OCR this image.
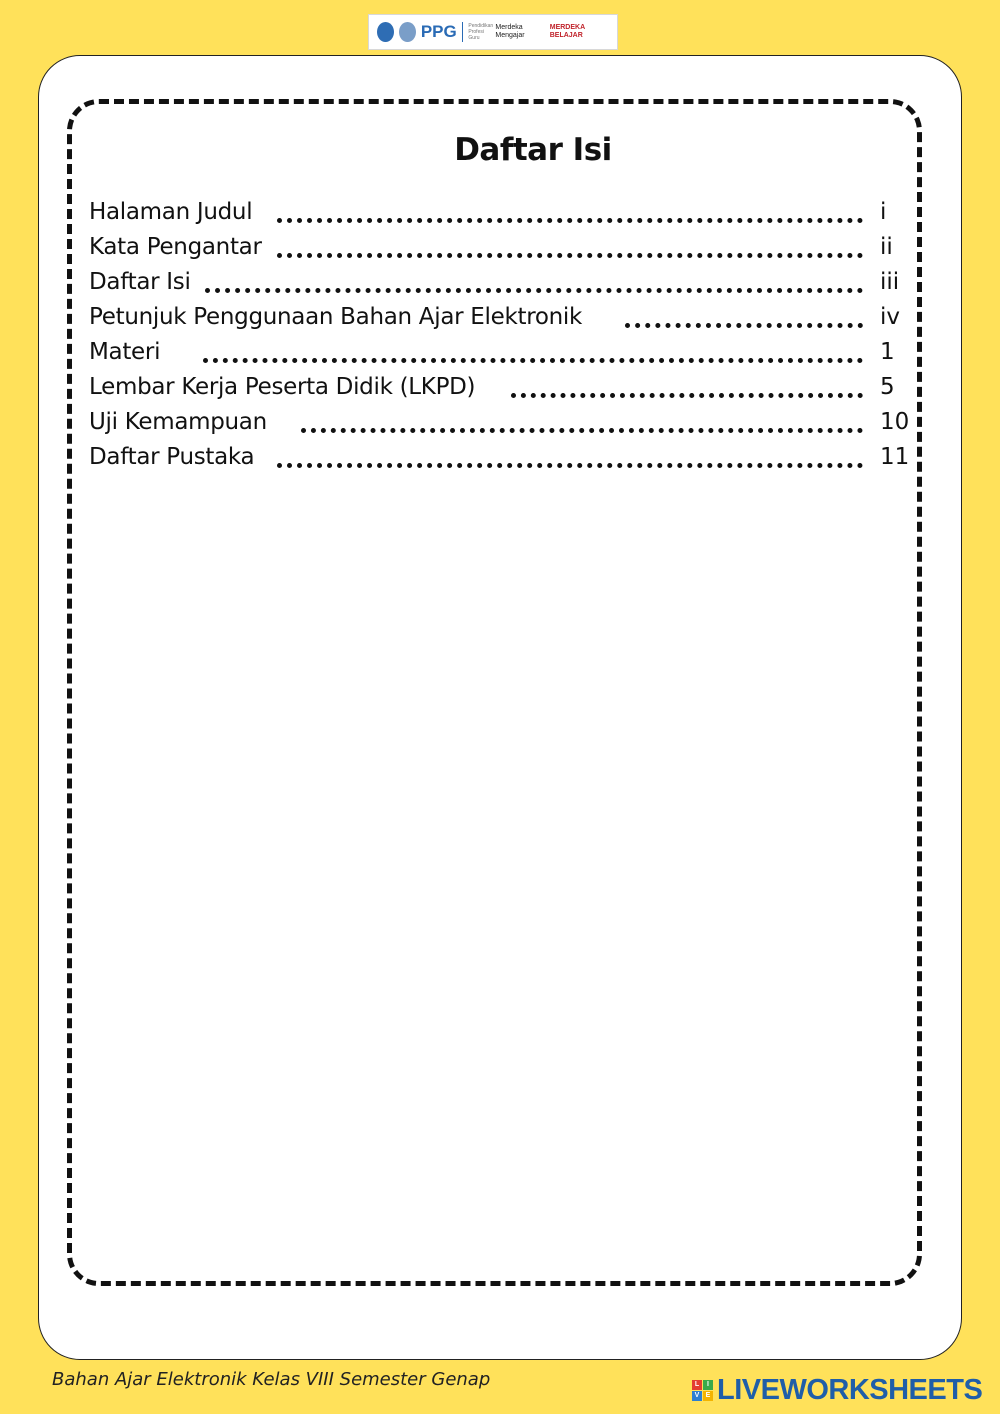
PPG Pendidikan Profesi Guru
Merdeka Mengajar
MERDEKA BELAJAR
Daftar Isi
Halaman Judul	i
Kata Pengantar	ii
Daftar Isi	iii
Petunjuk Penggunaan Bahan Ajar Elektronik	iv
Materi	1
Lembar Kerja Peserta Didik (LKPD)	5
Uji Kemampuan	10
Daftar Pustaka	11
Bahan Ajar Elektronik Kelas VIII Semester Genap	L	I
V E LIVEWORKSHEETS
